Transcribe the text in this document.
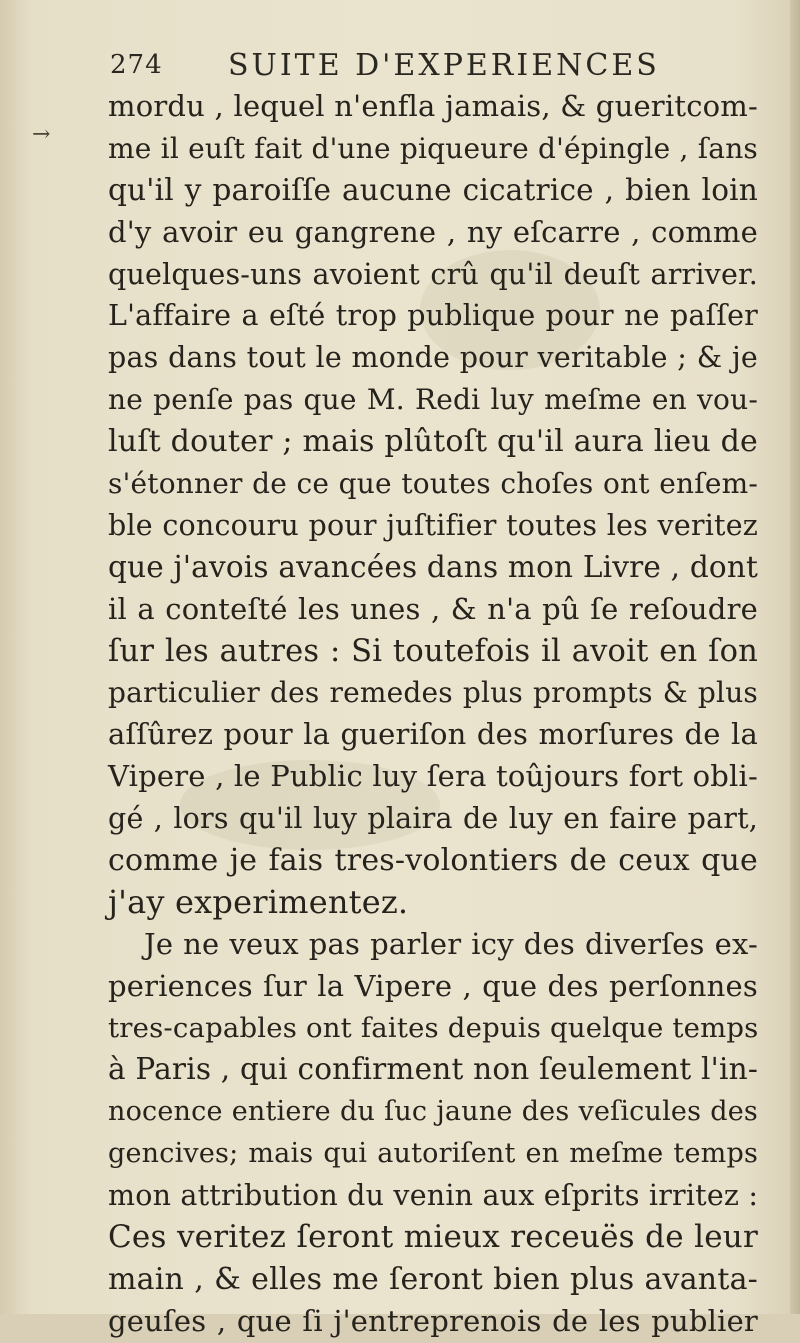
274 SUITE D'EXPERIENCES
→
mordu , lequel n'enfla jamais, & gueritcom‑
me il euſt fait d'une piqueure d'épingle , ſans
qu'il y paroiſſe aucune cicatrice , bien loin
d'y avoir eu gangrene , ny eſcarre , comme
quelques-uns avoient crû qu'il deuſt arriver.
L'affaire a eſté trop publique pour ne paſſer
pas dans tout le monde pour veritable ; & je
ne penſe pas que M. Redi luy meſme en vou-
luſt douter ; mais plûtoſt qu'il aura lieu de
s'étonner de ce que toutes choſes ont enſem-
ble concouru pour juſtifier toutes les veritez
que j'avois avancées dans mon Livre , dont
il a conteſté les unes , & n'a pû ſe reſoudre
ſur les autres : Si toutefois il avoit en ſon
particulier des remedes plus prompts & plus
aſſûrez pour la gueriſon des morſures de la
Vipere , le Public luy ſera toûjours fort obli-
gé , lors qu'il luy plaira de luy en faire part,
comme je fais tres-volontiers de ceux que
j'ay experimentez.
Je ne veux pas parler icy des diverſes ex-
periences ſur la Vipere , que des perſonnes
tres-capables ont faites depuis quelque temps
à Paris , qui confirment non ſeulement l'in-
nocence entiere du ſuc jaune des veſicules des
gencives; mais qui autoriſent en meſme temps
mon attribution du venin aux eſprits irritez :
Ces veritez ſeront mieux receuës de leur
main , & elles me ſeront bien plus avanta-
geuſes , que ſi j'entreprenois de les publier
